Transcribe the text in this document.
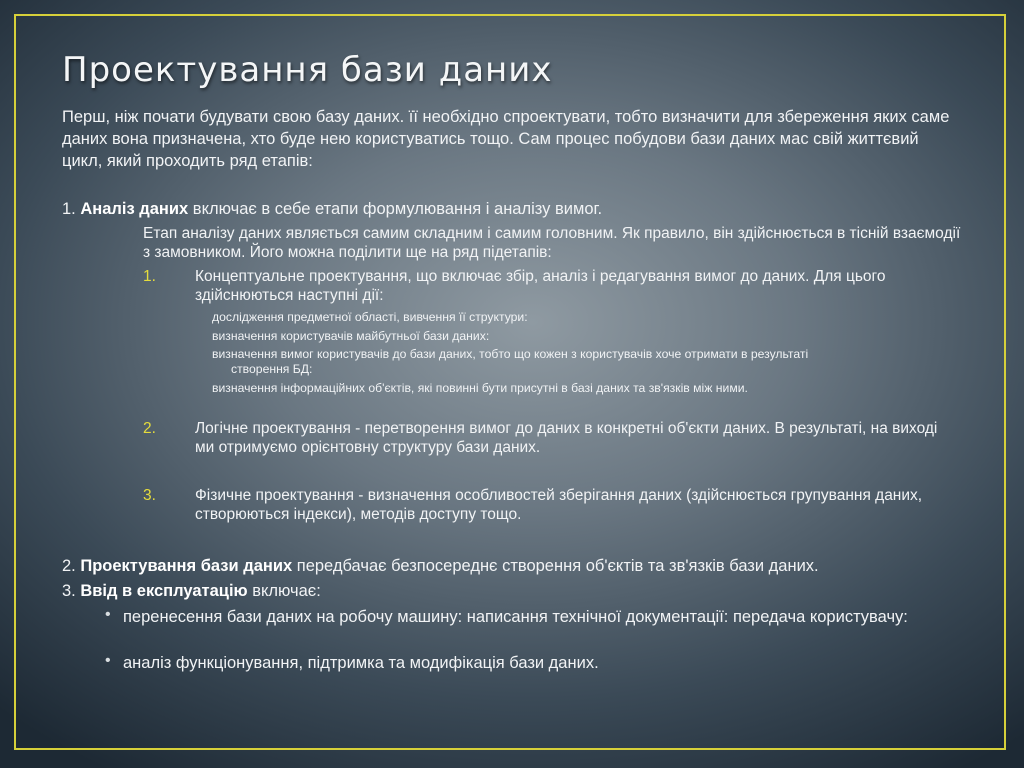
Проектування бази даних
Перш, ніж почати будувати свою базу даних. її необхідно спроектувати, тобто визначити для збереження яких саме даних вона призначена, хто буде нею користуватись тощо. Сам процес побудови бази даних мас свій життєвий цикл, який проходить ряд етапів:
1. Аналіз даних включає в себе етапи формулювання і аналізу вимог.
Етап аналізу даних являється самим складним і самим головним. Як правило, він здійснюється в тісній взаємодії з замовником. Його можна поділити ще на ряд підетапів:
1.	Концептуальне проектування, що включає збір, аналіз і редагування вимог до даних. Для цього здійснюються наступні дії:
дослідження предметної області, вивчення її структури:
визначення користувачів майбутньої бази даних:
визначення вимог користувачів до бази даних, тобто що кожен з користувачів хоче отримати в результаті
створення БД:
визначення інформаційних об'єктів, які повинні бути присутні в базі даних та зв'язків між ними.
2.	Логічне проектування - перетворення вимог до даних в конкретні об'єкти даних. В результаті, на виході ми отримуємо орієнтовну структуру бази даних.
3.	Фізичне проектування - визначення особливостей зберігання даних (здійснюється групування даних, створюються індекси), методів доступу тощо.
2. Проектування бази даних передбачає безпосереднє створення об'єктів та зв'язків бази даних.
3. Ввід в експлуатацію включає:
• перенесення бази даних на робочу машину: написання технічної документації: передача користувачу:
• аналіз функціонування, підтримка та модифікація бази даних.
